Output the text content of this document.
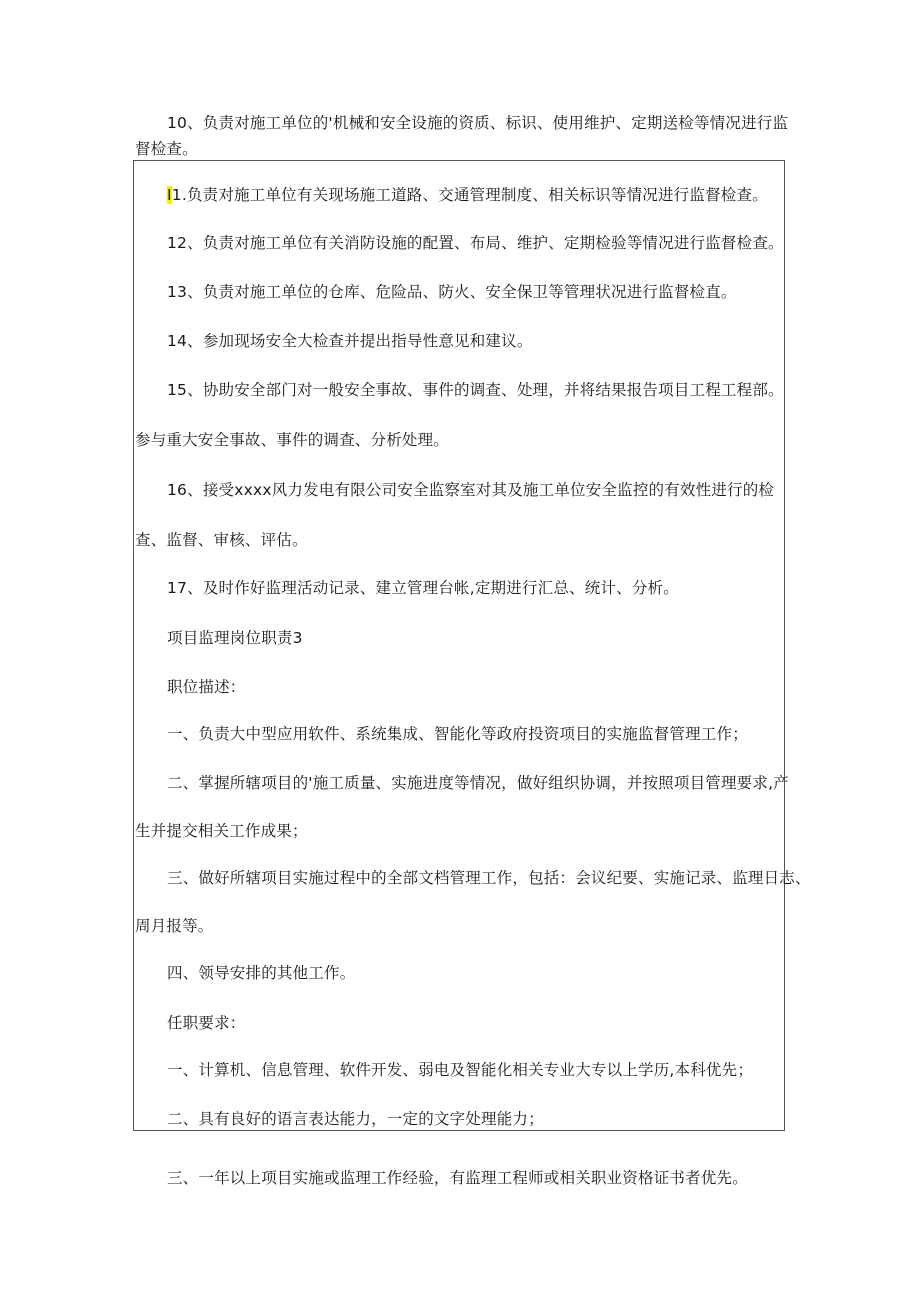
10、负责对施工单位的'机械和安全设施的资质、标识、使用维护、定期送检等情况进行监
督检查。
I1.负责对施工单位有关现场施工道路、交通管理制度、相关标识等情况进行监督检查。
12、负责对施工单位有关消防设施的配置、布局、维护、定期检验等情况进行监督检查。
13、负责对施工单位的仓库、危险品、防火、安全保卫等管理状况进行监督检直。
14、参加现场安全大检查并提出指导性意见和建议。
15、协助安全部门对一般安全事故、事件的调查、处理，并将结果报告项目工程工程部。
参与重大安全事故、事件的调查、分析处理。
16、接受xxxx风力发电有限公司安全监察室对其及施工单位安全监控的有效性进行的检
查、监督、审核、评估。
17、及时作好监理活动记录、建立管理台帐,定期进行汇总、统计、分析。
项目监理岗位职责3
职位描述：
一、负责大中型应用软件、系统集成、智能化等政府投资项目的实施监督管理工作；
二、掌握所辖项目的'施工质量、实施进度等情况，做好组织协调，并按照项目管理要求,产
生并提交相关工作成果；
三、做好所辖项目实施过程中的全部文档管理工作，包括：会议纪要、实施记录、监理日志、
周月报等。
四、领导安排的其他工作。
任职要求：
一、计算机、信息管理、软件开发、弱电及智能化相关专业大专以上学历,本科优先；
二、具有良好的语言表达能力，一定的文字处理能力；
三、一年以上项目实施或监理工作经验，有监理工程师或相关职业资格证书者优先。
